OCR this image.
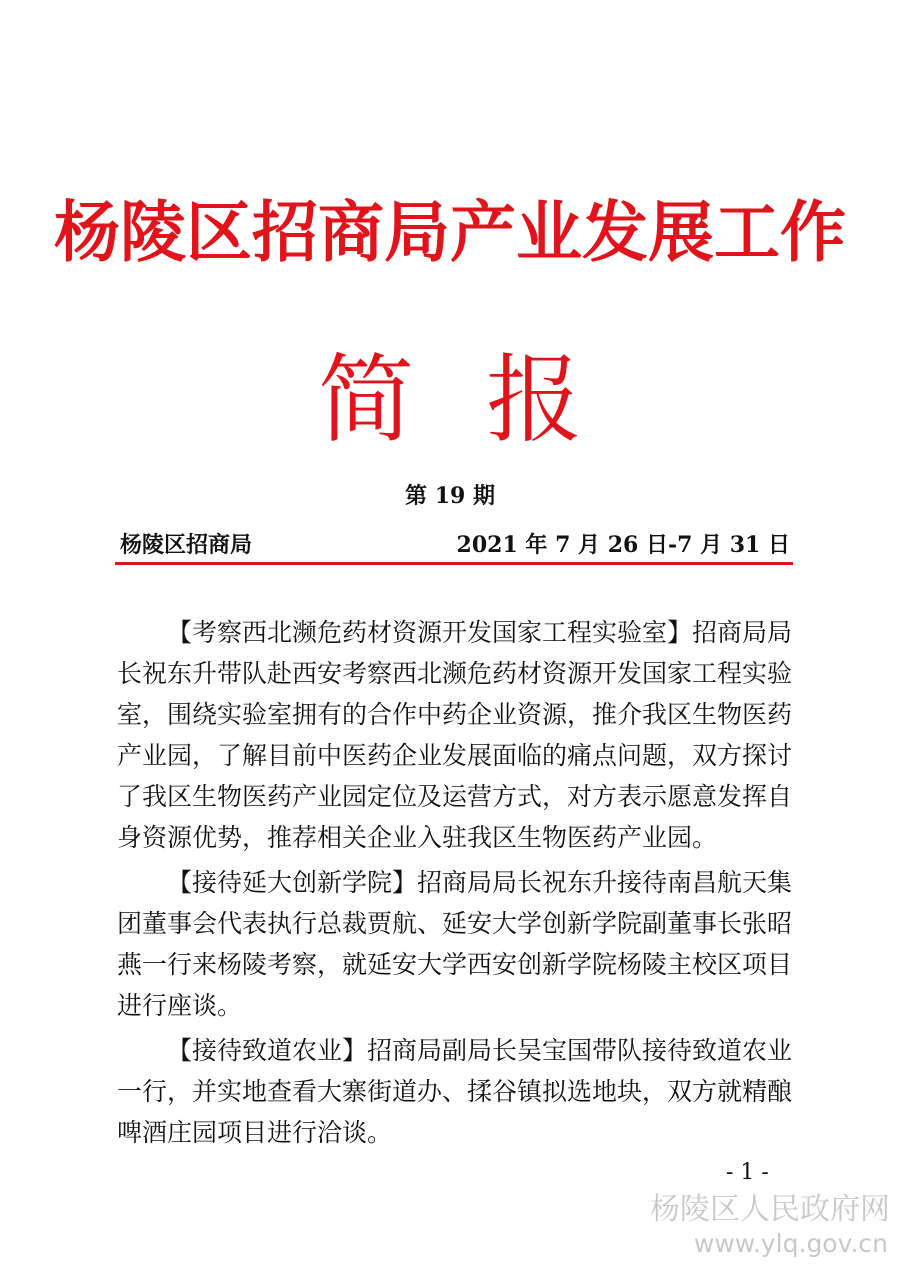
杨陵区招商局产业发展工作
简报
第 19 期
杨陵区招商局	2021 年 7 月 26 日-7 月 31 日

【考察西北濒危药材资源开发国家工程实验室】招商局局长祝东升带队赴西安考察西北濒危药材资源开发国家工程实验室，围绕实验室拥有的合作中药企业资源，推介我区生物医药产业园，了解目前中医药企业发展面临的痛点问题，双方探讨了我区生物医药产业园定位及运营方式，对方表示愿意发挥自身资源优势，推荐相关企业入驻我区生物医药产业园。

【接待延大创新学院】招商局局长祝东升接待南昌航天集团董事会代表执行总裁贾航、延安大学创新学院副董事长张昭燕一行来杨陵考察，就延安大学西安创新学院杨陵主校区项目进行座谈。

【接待致道农业】招商局副局长吴宝国带队接待致道农业一行，并实地查看大寨街道办、揉谷镇拟选地块，双方就精酿啤酒庄园项目进行洽谈。

- 1 -
杨陵区人民政府网
www.ylq.gov.cn
